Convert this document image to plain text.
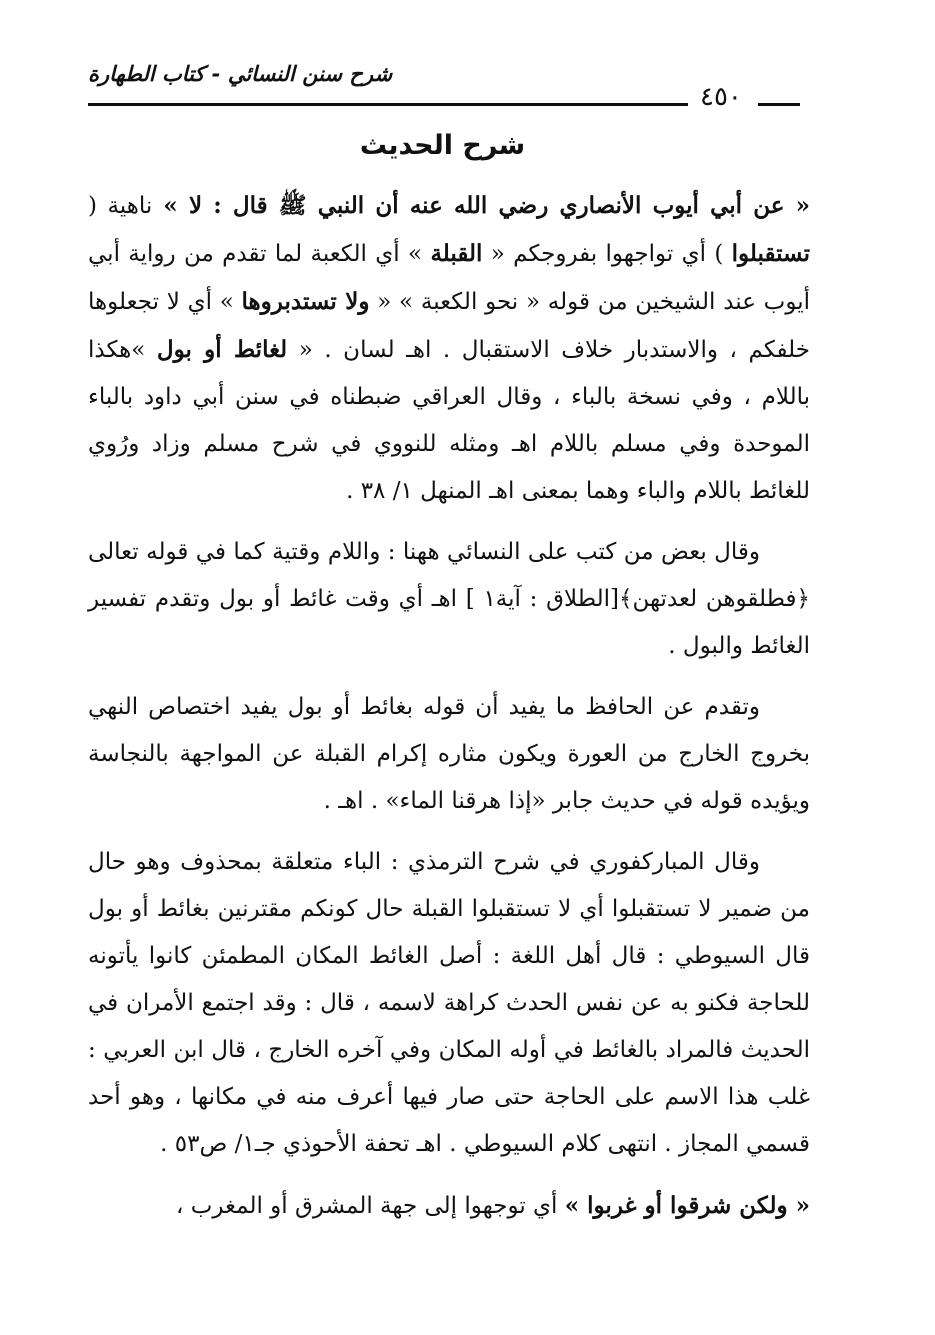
شرح سنن النسائي - كتاب الطهارة
٤٥٠
شرح الحديث

« عن أبي أيوب الأنصاري رضي الله عنه أن النبي ﷺ قال : لا » ناهية ( تستقبلوا ) أي تواجهوا بفروجكم « القبلة » أي الكعبة لما تقدم من رواية أبي أيوب عند الشيخين من قوله « نحو الكعبة » « ولا تستدبروها » أي لا تجعلوها خلفكم ، والاستدبار خلاف الاستقبال . اهـ لسان . « لغائط أو بول »هكذا باللام ، وفي نسخة بالباء ، وقال العراقي ضبطناه في سنن أبي داود بالباء الموحدة وفي مسلم باللام اهـ ومثله للنووي في شرح مسلم وزاد ورُوي للغائط باللام والباء وهما بمعنى اهـ المنهل ١/ ٣٨ .

وقال بعض من كتب على النسائي ههنا : واللام وقتية كما في قوله تعالى ﴿فطلقوهن لعدتهن﴾[الطلاق : آية١ ] اهـ أي وقت غائط أو بول وتقدم تفسير الغائط والبول .

وتقدم عن الحافظ ما يفيد أن قوله بغائط أو بول يفيد اختصاص النهي بخروج الخارج من العورة ويكون مثاره إكرام القبلة عن المواجهة بالنجاسة ويؤيده قوله في حديث جابر «إذا هرقنا الماء» . اهـ .

وقال المباركفوري في شرح الترمذي : الباء متعلقة بمحذوف وهو حال من ضمير لا تستقبلوا أي لا تستقبلوا القبلة حال كونكم مقترنين بغائط أو بول قال السيوطي : قال أهل اللغة : أصل الغائط المكان المطمئن كانوا يأتونه للحاجة فكنو به عن نفس الحدث كراهة لاسمه ، قال : وقد اجتمع الأمران في الحديث فالمراد بالغائط في أوله المكان وفي آخره الخارج ، قال ابن العربي : غلب هذا الاسم على الحاجة حتى صار فيها أعرف منه في مكانها ، وهو أحد قسمي المجاز . انتهى كلام السيوطي . اهـ تحفة الأحوذي جـ١/ ص٥٣ .

« ولكن شرقوا أو غربوا » أي توجهوا إلى جهة المشرق أو المغرب ،
